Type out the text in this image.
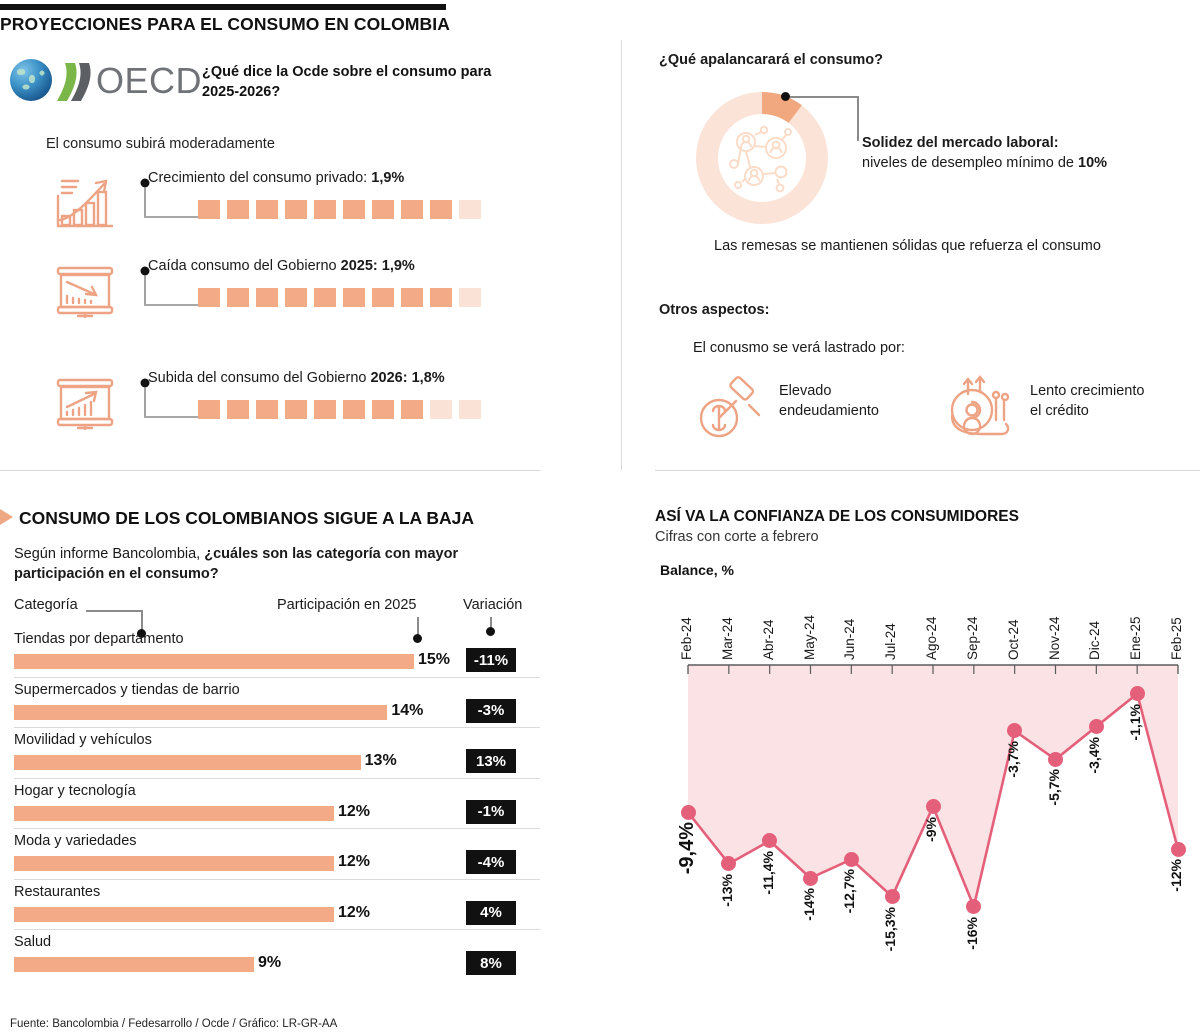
PROYECCIONES PARA EL CONSUMO EN COLOMBIA
OECD ¿Qué dice la Ocde sobre el consumo para 2025-2026?
El consumo subirá moderadamente
Crecimiento del consumo privado: 1,9%
Caída consumo del Gobierno 2025: 1,9%
Subida del consumo del Gobierno 2026: 1,8%
¿Qué apalancarará el consumo?
Solidez del mercado laboral:
niveles de desempleo mínimo de 10%
Las remesas se mantienen sólidas que refuerza el consumo
Otros aspectos:
El conusmo se verá lastrado por:
Elevado
endeudamiento
Lento crecimiento
el crédito
CONSUMO DE LOS COLOMBIANOS SIGUE A LA BAJA
Según informe Bancolombia, ¿cuáles son las categoría con mayor participación en el consumo?
Categoría	Participación en 2025	Variación
Tiendas por departamento
15%	-11%
Supermercados y tiendas de barrio
14%	-3%
Movilidad y vehículos
13%	13%
Hogar y tecnología
12%	-1%
Moda y variedades
12%	-4%
Restaurantes
12%	4%
Salud
9%	8%
ASÍ VA LA CONFIANZA DE LOS CONSUMIDORES
Cifras con corte a febrero
Balance, %
Feb-24 Mar-24 Abr-24 May-24 Jun-24 Jul-24 Ago-24 Sep-24 Oct-24 Nov-24 Dic-24 Ene-25 Feb-25
-9,4%
-13% -11,4%
-14% -12,7%
-15,3%
-9%
-16%
-3,7%
-5,7%
-3,4%
-1,1%
-12%
Fuente: Bancolombia / Fedesarrollo / Ocde / Gráfico: LR-GR-AA
